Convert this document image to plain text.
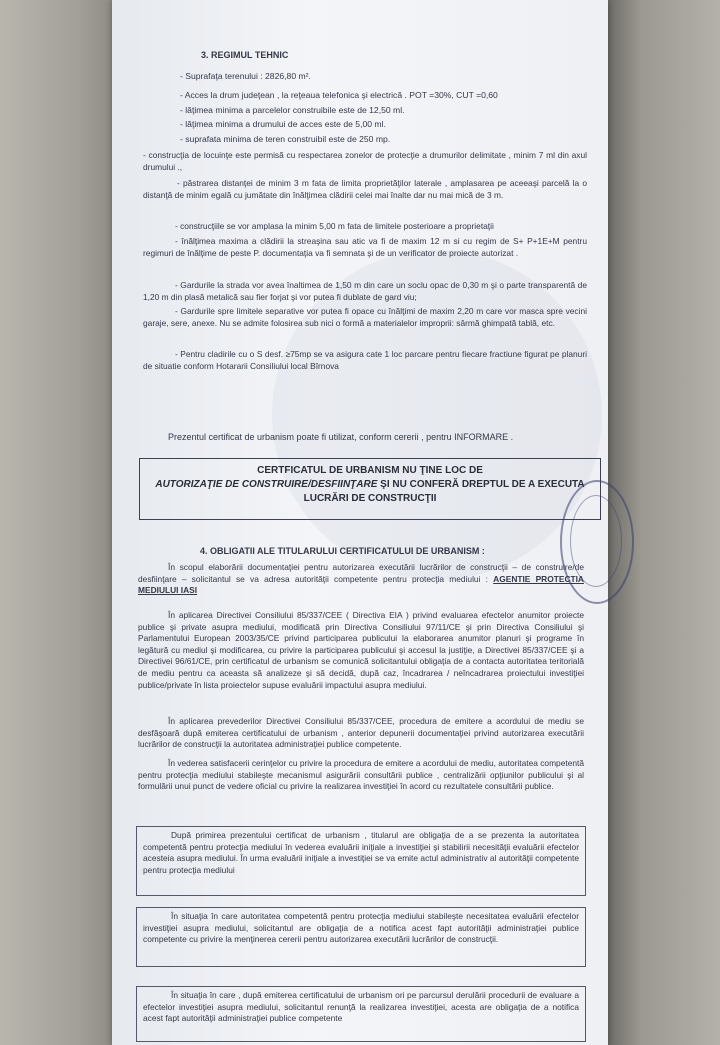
3. REGIMUL TEHNIC
- Suprafaţa terenului : 2826,80 m².
- Acces la drum judeţean , la reţeaua telefonica şi electrică . POT =30%, CUT =0,60
- lăţimea minima a parcelelor construibile este de 12,50 ml.
- lăţimea minima a drumului de acces este de 5,00 ml.
- suprafata minima de teren construibil este de 250 mp.
- construcţia de locuinţe este permisă cu respectarea zonelor de protecţie a drumurilor delimitate , minim 7 ml din axul drumului .,
- păstrarea distanţei de minim 3 m fata de limita proprietăţilor laterale , amplasarea pe aceeaşi parcelă la o distanţă de minim egală cu jumătate din înălţimea clădirii celei mai înalte dar nu mai mică de 3 m.
- construcţiile se vor amplasa la minim 5,00 m fata de limitele posterioare a proprietaţii
- înălţimea maxima a clădirii la streaşina sau atic va fi de maxim 12 m si cu regim de S+ P+1E+M pentru regimuri de înălţime de peste P. documentaţia va fi semnata şi de un verificator de proiecte autorizat .
- Gardurile la strada vor avea înaltimea de 1,50 m din care un soclu opac de 0,30 m şi o parte transparentă de 1,20 m din plasă metalică sau fier forjat şi vor putea fi dublate de gard viu;
- Gardurile spre limitele separative vor putea fi opace cu înălţimi de maxim 2,20 m care vor masca spre vecini garaje, sere, anexe. Nu se admite folosirea sub nici o formă a materialelor improprii: sârmă ghimpată tablă, etc.
- Pentru cladirile cu o S desf. ≥75mp se va asigura cate 1 loc parcare pentru fiecare fractiune figurat pe planuri de situatie conform Hotararii Consiliului local Bîrnova
Prezentul certificat de urbanism poate fi utilizat, conform cererii , pentru INFORMARE .
CERTFICATUL DE URBANISM NU ŢINE LOC DE
AUTORIZAŢIE DE CONSTRUIRE/DESFIINŢARE ŞI NU CONFERĂ DREPTUL DE A EXECUTA
LUCRĂRI DE CONSTRUCŢII
4. OBLIGATII ALE TITULARULUI CERTIFICATULUI DE URBANISM :
În scopul elaborării documentaţiei pentru autorizarea executării lucrărilor de construcţii – de construire/de desfiinţare – solicitantul se va adresa autorităţii competente pentru protecţia mediului : AGENTIE PROTECTIA MEDIULUI IASI
În aplicarea Directivei Consiliului 85/337/CEE ( Directiva EIA ) privind evaluarea efectelor anumitor proiecte publice şi private asupra mediului, modificată prin Directiva Consiliului 97/11/CE şi prin Directiva Consiliului şi Parlamentului European 2003/35/CE privind participarea publicului la elaborarea anumitor planuri şi programe în legătură cu mediul şi modificarea, cu privire la participarea publicului şi accesul la justiţie, a Directivei 85/337/CEE şi a Directivei 96/61/CE, prin certificatul de urbanism se comunică solicitantului obligaţia de a contacta autoritatea teritorială de mediu pentru ca aceasta să analizeze şi să decidă, după caz, încadrarea / neîncadrarea proiectului investiţiei publice/private în lista proiectelor supuse evaluării impactului asupra mediului.
În aplicarea prevederilor Directivei Consiliului 85/337/CEE, procedura de emitere a acordului de mediu se desfăşoară după emiterea certificatului de urbanism , anterior depunerii documentaţiei privind autorizarea executării lucrărilor de construcţii la autoritatea administraţiei publice competente.
În vederea satisfacerii cerinţelor cu privire la procedura de emitere a acordului de mediu, autoritatea competentă pentru protecţia mediului stabileşte mecanismul asigurării consultării publice , centralizării opţiunilor publicului şi al formulării unui punct de vedere oficial cu privire la realizarea investiţiei în acord cu rezultatele consultării publice.
După primirea prezentului certificat de urbanism , titularul are obligaţia de a se prezenta la autoritatea competentă pentru protecţia mediului în vederea evaluării iniţiale a investiţiei şi stabilirii necesităţii evaluării efectelor acesteia asupra mediului. În urma evaluării iniţiale a investiţiei se va emite actul administrativ al autorităţii competente pentru protecţia mediului
În situaţia în care autoritatea competentă pentru protecţia mediului stabileşte necesitatea evaluării efectelor investiţiei asupra mediului, solicitantul are obligaţia de a notifica acest fapt autorităţii administraţiei publice competente cu privire la menţinerea cererii pentru autorizarea executării lucrărilor de construcţii.
În situaţia în care , după emiterea certificatului de urbanism ori pe parcursul derulării procedurii de evaluare a efectelor investiţiei asupra mediului, solicitantul renunţă la realizarea investiţiei, acesta are obligaţia de a notifica acest fapt autorităţii administraţiei publice competente
